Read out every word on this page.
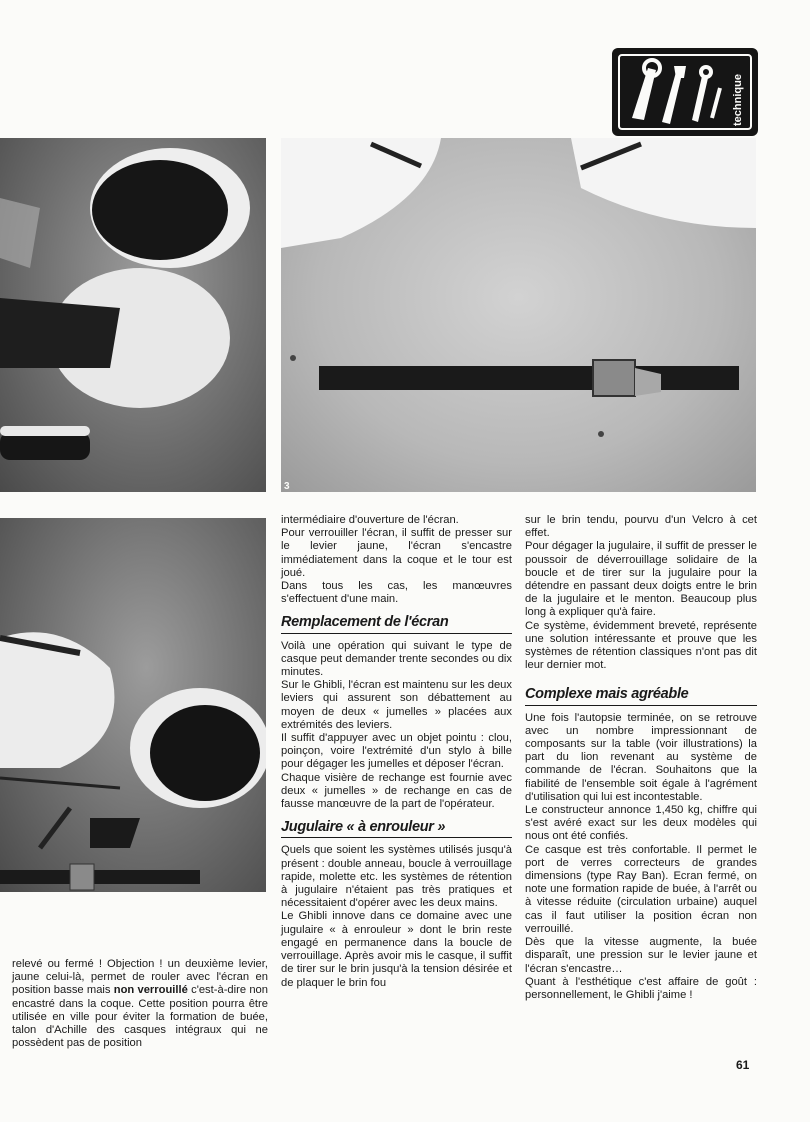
technique
3

relevé ou fermé ! Objection ! un deuxième levier, jaune celui-là, permet de rouler avec l'écran en position basse mais non verrouillé c'est-à-dire non encastré dans la coque. Cette position pourra être utilisée en ville pour éviter la formation de buée, talon d'Achille des casques intégraux qui ne possèdent pas de position

intermédiaire d'ouverture de l'écran.

Pour verrouiller l'écran, il suffit de presser sur le levier jaune, l'écran s'encastre immédiatement dans la coque et le tour est joué.

Dans tous les cas, les manœuvres s'effectuent d'une main.

Remplacement de l'écran

Voilà une opération qui suivant le type de casque peut demander trente secondes ou dix minutes.

Sur le Ghibli, l'écran est maintenu sur les deux leviers qui assurent son débattement au moyen de deux « jumelles » placées aux extrémités des leviers.

Il suffit d'appuyer avec un objet pointu : clou, poinçon, voire l'extrémité d'un stylo à bille pour dégager les jumelles et déposer l'écran.

Chaque visière de rechange est fournie avec deux « jumelles » de rechange en cas de fausse manœuvre de la part de l'opérateur.

Jugulaire « à enrouleur »

Quels que soient les systèmes utilisés jusqu'à présent : double anneau, boucle à verrouillage rapide, molette etc. les systèmes de rétention à jugulaire n'étaient pas très pratiques et nécessitaient d'opérer avec les deux mains.

Le Ghibli innove dans ce domaine avec une jugulaire « à enrouleur » dont le brin reste engagé en permanence dans la boucle de verrouillage. Après avoir mis le casque, il suffit de tirer sur le brin jusqu'à la tension désirée et de plaquer le brin fou

sur le brin tendu, pourvu d'un Velcro à cet effet.

Pour dégager la jugulaire, il suffit de presser le poussoir de déverrouillage solidaire de la boucle et de tirer sur la jugulaire pour la détendre en passant deux doigts entre le brin de la jugulaire et le menton. Beaucoup plus long à expliquer qu'à faire.

Ce système, évidemment breveté, représente une solution intéressante et prouve que les systèmes de rétention classiques n'ont pas dit leur dernier mot.

Complexe mais agréable

Une fois l'autopsie terminée, on se retrouve avec un nombre impressionnant de composants sur la table (voir illustrations) la part du lion revenant au système de commande de l'écran. Souhaitons que la fiabilité de l'ensemble soit égale à l'agrément d'utilisation qui lui est incontestable.

Le constructeur annonce 1,450 kg, chiffre qui s'est avéré exact sur les deux modèles qui nous ont été confiés.

Ce casque est très confortable. Il permet le port de verres correcteurs de grandes dimensions (type Ray Ban). Ecran fermé, on note une formation rapide de buée, à l'arrêt ou à vitesse réduite (circulation urbaine) auquel cas il faut utiliser la position écran non verrouillé.

Dès que la vitesse augmente, la buée disparaît, une pression sur le levier jaune et l'écran s'encastre…

Quant à l'esthétique c'est affaire de goût : personnellement, le Ghibli j'aime !

61
